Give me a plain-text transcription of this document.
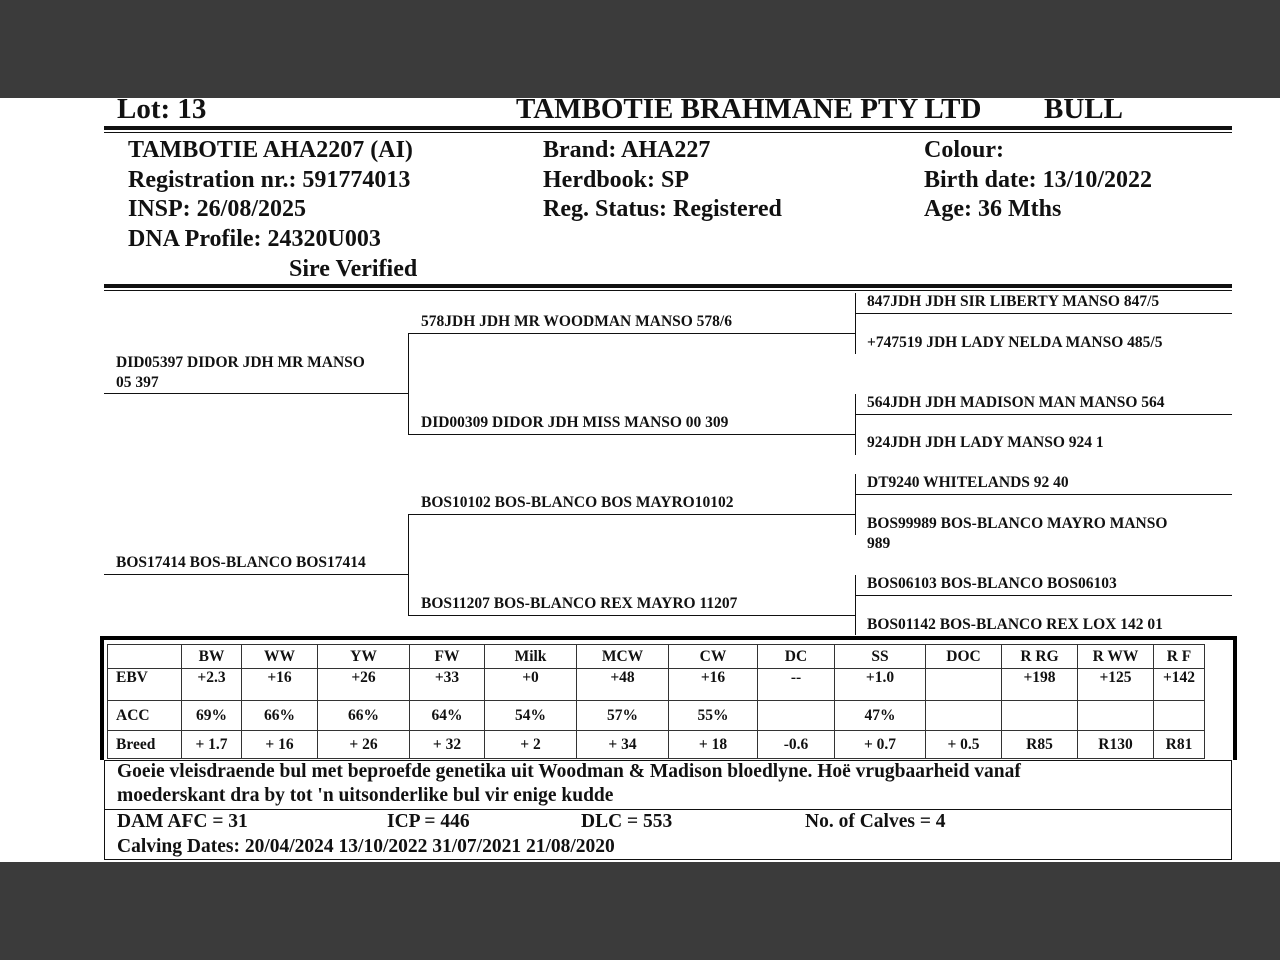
Lot: 13	TAMBOTIE BRAHMANE PTY LTD BULL
TAMBOTIE AHA2207 (AI)
Registration nr.: 591774013
INSP: 26/08/2025
DNA Profile: 24320U003
Sire Verified
Brand: AHA227
Herdbook: SP
Reg. Status: Registered
Colour:
Birth date: 13/10/2022
Age: 36 Mths
DID05397 DIDOR JDH MR MANSO
05 397
BOS17414 BOS-BLANCO BOS17414
578JDH JDH MR WOODMAN MANSO 578/6
DID00309 DIDOR JDH MISS MANSO 00 309
BOS10102 BOS-BLANCO BOS MAYRO10102
BOS11207 BOS-BLANCO REX MAYRO 11207
847JDH JDH SIR LIBERTY MANSO 847/5
+747519 JDH LADY NELDA MANSO 485/5
564JDH JDH MADISON MAN MANSO 564
924JDH JDH LADY MANSO 924 1
DT9240 WHITELANDS 92 40
BOS99989 BOS-BLANCO MAYRO MANSO
989
BOS06103 BOS-BLANCO BOS06103
BOS01142 BOS-BLANCO REX LOX 142 01
	BW	WW	YW	FW	Milk	MCW	CW	DC	SS	DOC	R RG	R WW	R F
EBV	+2.3	+16	+26	+33	+0	+48	+16	--	+1.0		+198	+125	+142
ACC	69%	66%	66%	64%	54%	57%	55%		47%				
Breed	+ 1.7	+ 16	+ 26	+ 32	+ 2	+ 34	+ 18	-0.6	+ 0.7	+ 0.5	R85	R130	R81
Goeie vleisdraende bul met beproefde genetika uit Woodman & Madison bloedlyne. Hoë vrugbaarheid vanaf
moederskant dra by tot 'n uitsonderlike bul vir enige kudde
DAM AFC = 31	ICP = 446	DLC = 553	No. of Calves = 4
Calving Dates: 20/04/2024 13/10/2022 31/07/2021 21/08/2020
